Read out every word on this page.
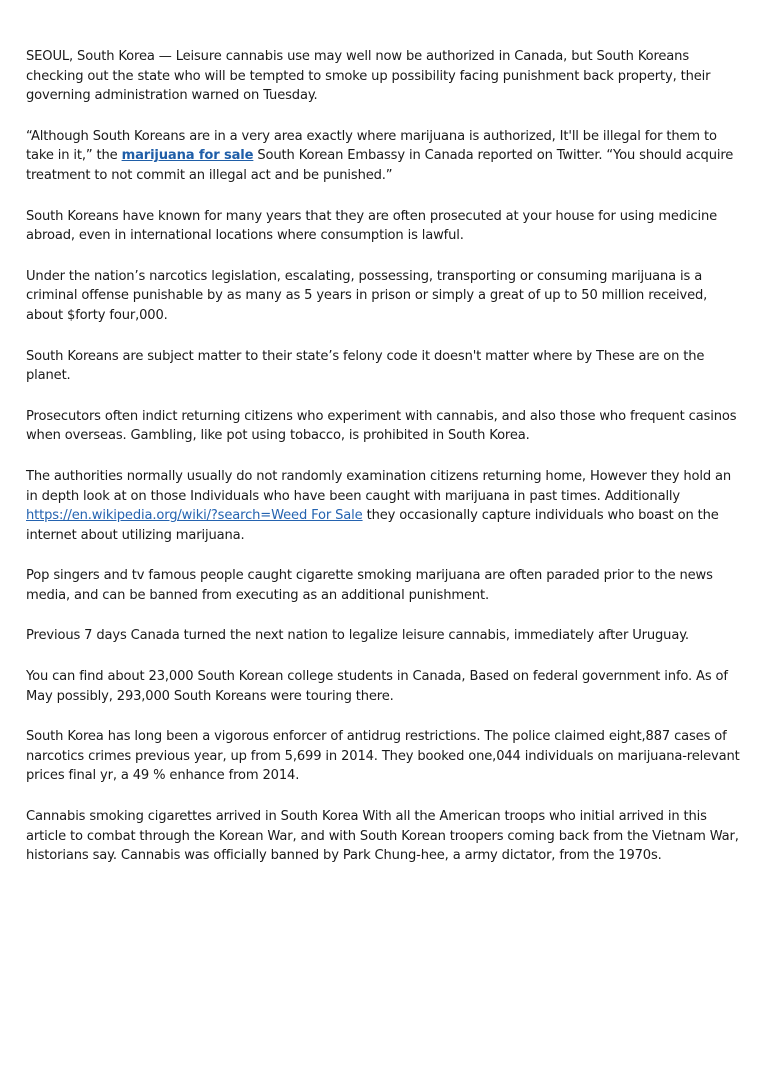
SEOUL, South Korea — Leisure cannabis use may well now be authorized in Canada, but South Koreans checking out the state who will be tempted to smoke up possibility facing punishment back property, their governing administration warned on Tuesday.

“Although South Koreans are in a very area exactly where marijuana is authorized, It'll be illegal for them to take in it,” the marijuana for sale South Korean Embassy in Canada reported on Twitter. “You should acquire treatment to not commit an illegal act and be punished.”

South Koreans have known for many years that they are often prosecuted at your house for using medicine abroad, even in international locations where consumption is lawful.

Under the nation’s narcotics legislation, escalating, possessing, transporting or consuming marijuana is a criminal offense punishable by as many as 5 years in prison or simply a great of up to 50 million received, about $forty four,000.

South Koreans are subject matter to their state’s felony code it doesn't matter where by These are on the planet.

Prosecutors often indict returning citizens who experiment with cannabis, and also those who frequent casinos when overseas. Gambling, like pot using tobacco, is prohibited in South Korea.

The authorities normally usually do not randomly examination citizens returning home, However they hold an in depth look at on those Individuals who have been caught with marijuana in past times. Additionally https://en.wikipedia.org/wiki/?search=Weed For Sale they occasionally capture individuals who boast on the internet about utilizing marijuana.

Pop singers and tv famous people caught cigarette smoking marijuana are often paraded prior to the news media, and can be banned from executing as an additional punishment.

Previous 7 days Canada turned the next nation to legalize leisure cannabis, immediately after Uruguay.

You can find about 23,000 South Korean college students in Canada, Based on federal government info. As of May possibly, 293,000 South Koreans were touring there.

South Korea has long been a vigorous enforcer of antidrug restrictions. The police claimed eight,887 cases of narcotics crimes previous year, up from 5,699 in 2014. They booked one,044 individuals on marijuana-relevant prices final yr, a 49 % enhance from 2014.

Cannabis smoking cigarettes arrived in South Korea With all the American troops who initial arrived in this article to combat through the Korean War, and with South Korean troopers coming back from the Vietnam War, historians say. Cannabis was officially banned by Park Chung-hee, a army dictator, from the 1970s.
